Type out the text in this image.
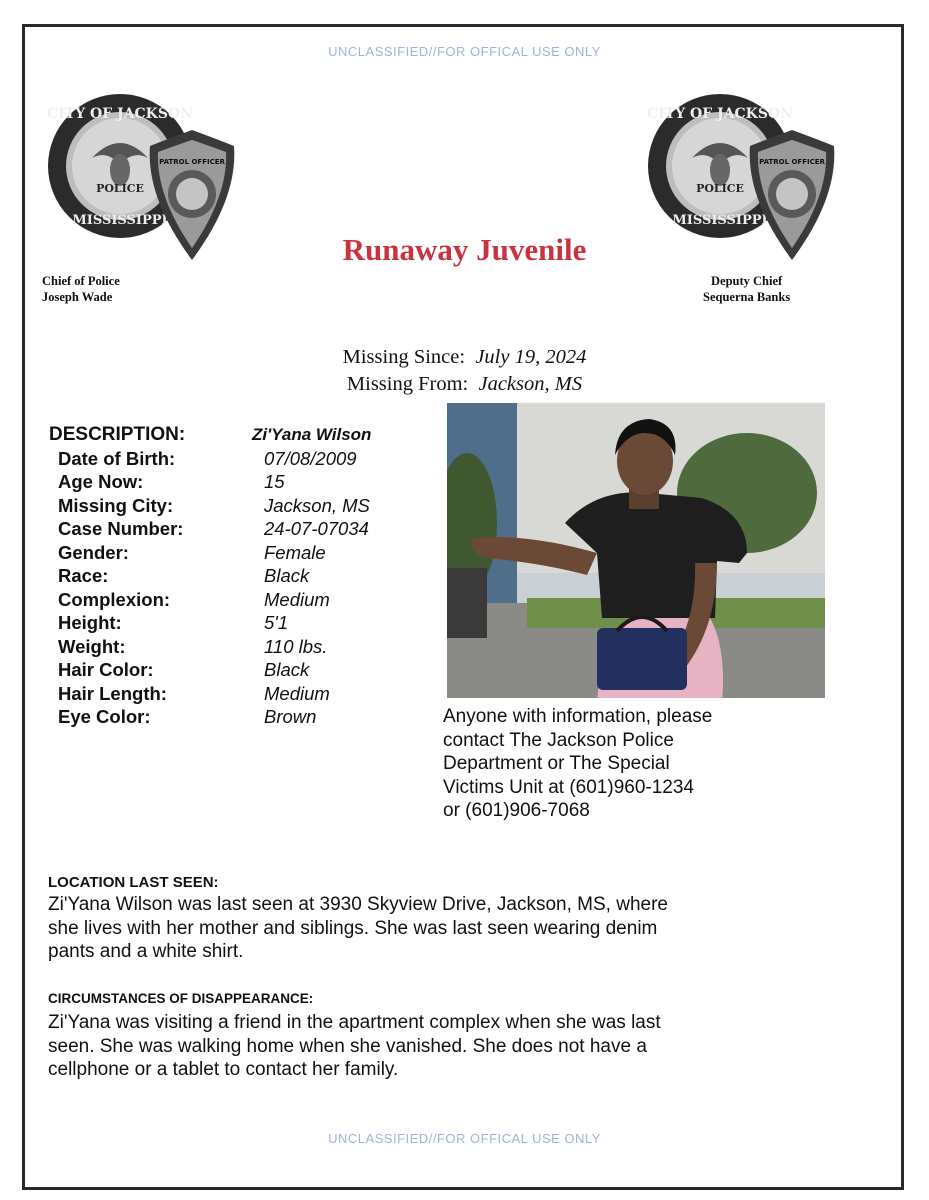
UNCLASSIFIED//FOR OFFICAL USE ONLY
CITY OF JACKSON
POLICE
MISSISSIPPI
PATROL OFFICER
CITY OF JACKSON
POLICE
MISSISSIPPI
PATROL OFFICER
Chief of Police
Joseph Wade
Deputy Chief
Sequerna Banks
Runaway Juvenile
Missing Since: July 19, 2024
Missing From: Jackson, MS
DESCRIPTION:	Zi'Yana Wilson
Date of Birth:	07/08/2009
Age Now:	15
Missing City:	Jackson, MS
Case Number:	24-07-07034
Gender:	Female
Race:	Black
Complexion:	Medium
Height:	5'1
Weight:	110 lbs.
Hair Color:	Black
Hair Length:	Medium
Eye Color:	Brown	Anyone with information, please
contact The Jackson Police
Department or The Special
Victims Unit at (601)960-1234
or (601)906-7068
LOCATION LAST SEEN:
Zi'Yana Wilson was last seen at 3930 Skyview Drive, Jackson, MS, where
she lives with her mother and siblings. She was last seen wearing denim
pants and a white shirt.
CIRCUMSTANCES OF DISAPPEARANCE:
Zi'Yana was visiting a friend in the apartment complex when she was last
seen. She was walking home when she vanished. She does not have a
cellphone or a tablet to contact her family.
UNCLASSIFIED//FOR OFFICAL USE ONLY
